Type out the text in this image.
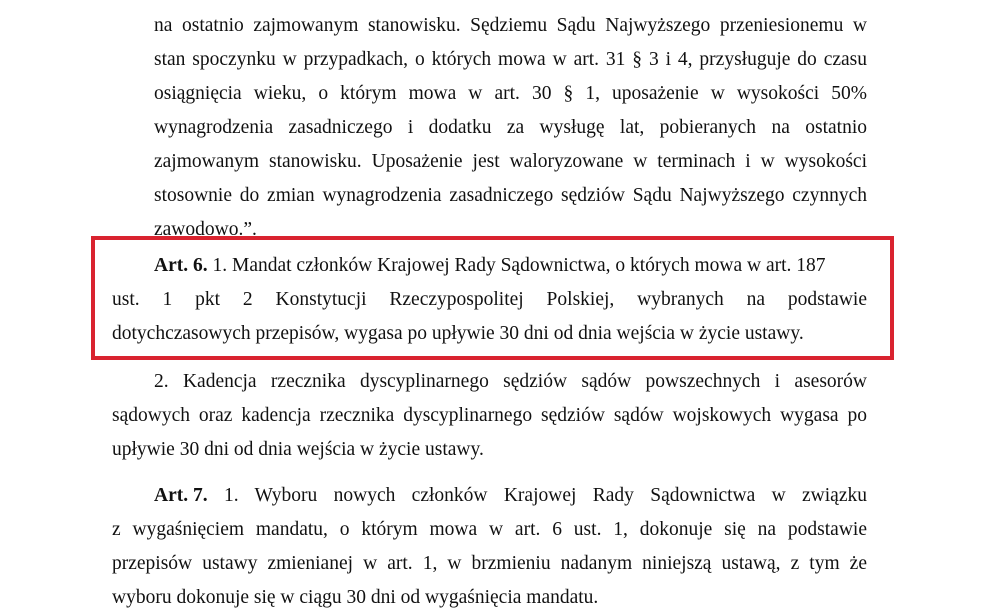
na ostatnio zajmowanym stanowisku. Sędziemu Sądu Najwyższego przeniesionemu w
stan spoczynku w przypadkach, o których mowa w art. 31 § 3 i 4, przysługuje do czasu
osiągnięcia wieku, o którym mowa w art. 30 § 1, uposażenie w wysokości 50%
wynagrodzenia zasadniczego i dodatku za wysługę lat, pobieranych na ostatnio
zajmowanym stanowisku. Uposażenie jest waloryzowane w terminach i w wysokości
stosownie do zmian wynagrodzenia zasadniczego sędziów Sądu Najwyższego czynnych
zawodowo.”.
Art. 6. 1. Mandat członków Krajowej Rady Sądownictwa, o których mowa w art. 187
ust. 1 pkt 2 Konstytucji Rzeczypospolitej Polskiej, wybranych na podstawie
dotychczasowych przepisów, wygasa po upływie 30 dni od dnia wejścia w życie ustawy.
2. Kadencja rzecznika dyscyplinarnego sędziów sądów powszechnych i asesorów
sądowych oraz kadencja rzecznika dyscyplinarnego sędziów sądów wojskowych wygasa po
upływie 30 dni od dnia wejścia w życie ustawy.
Art. 7. 1. Wyboru nowych członków Krajowej Rady Sądownictwa w związku
z wygaśnięciem mandatu, o którym mowa w art. 6 ust. 1, dokonuje się na podstawie
przepisów ustawy zmienianej w art. 1, w brzmieniu nadanym niniejszą ustawą, z tym że
wyboru dokonuje się w ciągu 30 dni od wygaśnięcia mandatu.
